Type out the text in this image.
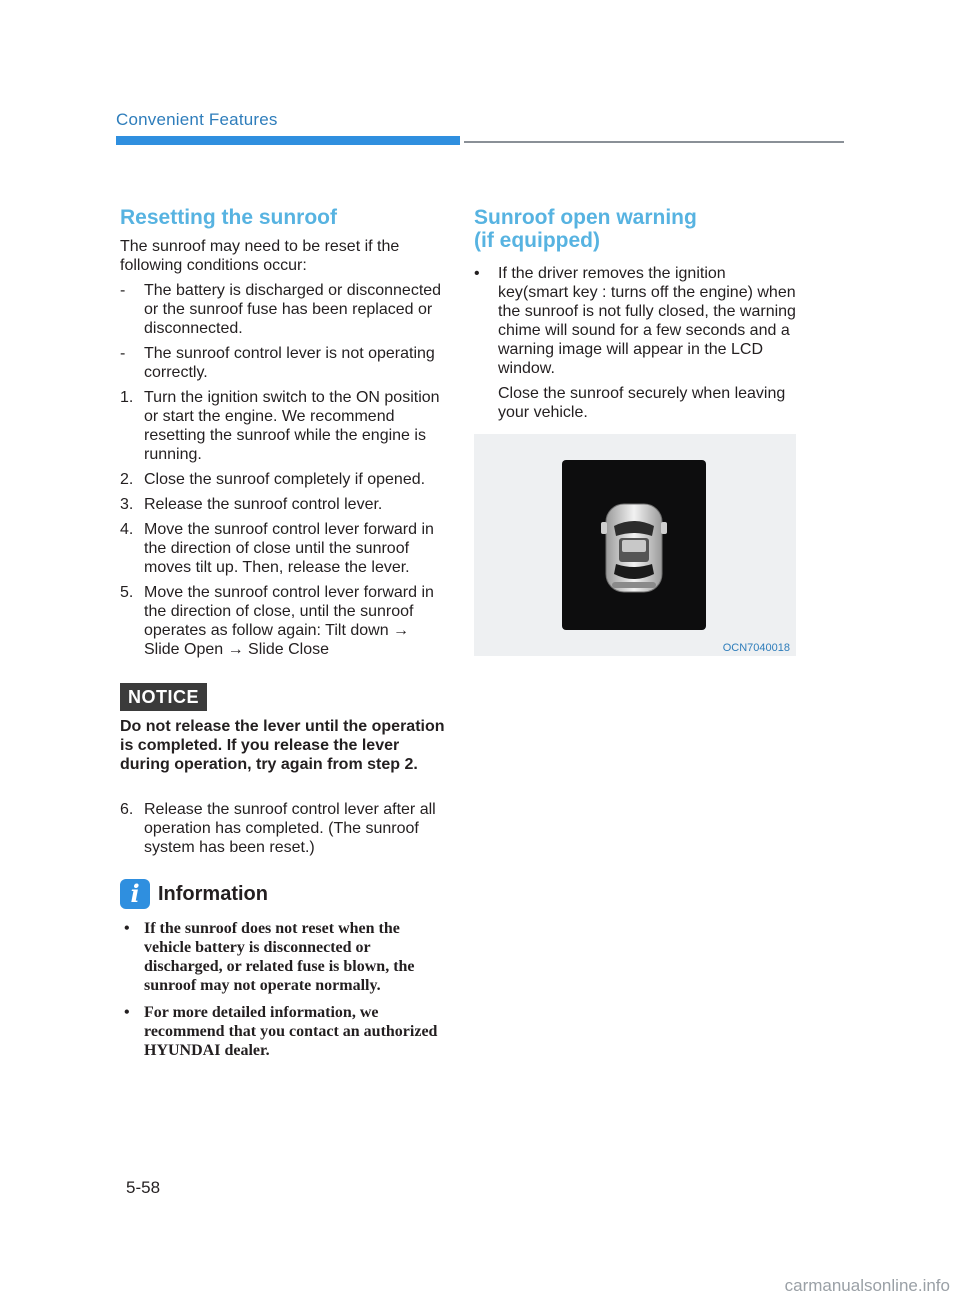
Convenient Features
Resetting the sunroof

The sunroof may need to be reset if the following conditions occur:

-	The battery is discharged or disconnected or the sunroof fuse has been replaced or disconnected.
-	The sunroof control lever is not operating correctly.
1. Turn the ignition switch to the ON position or start the engine. We recommend resetting the sunroof while the engine is running.
2. Close the sunroof completely if opened.
3. Release the sunroof control lever.
4. Move the sunroof control lever forward in the direction of close until the sunroof moves tilt up. Then, release the lever.
5. Move the sunroof control lever forward in the direction of close, until the sunroof operates as follow again: Tilt down → Slide Open → Slide Close
NOTICE

Do not release the lever until the operation is completed. If you release the lever during operation, try again from step 2.

6. Release the sunroof control lever after all operation has completed. (The sunroof system has been reset.)
i Information
• If the sunroof does not reset when the vehicle battery is disconnected or discharged, or related fuse is blown, the sunroof may not operate normally.
• For more detailed information, we recommend that you contact an authorized HYUNDAI dealer.
Sunroof open warning
(if equipped)
•	If the driver removes the ignition key(smart key : turns off the engine) when the sunroof is not fully closed, the warning chime will sound for a few seconds and a warning image will appear in the LCD window.
Close the sunroof securely when leaving your vehicle.
OCN7040018
5-58
carmanualsonline.info
